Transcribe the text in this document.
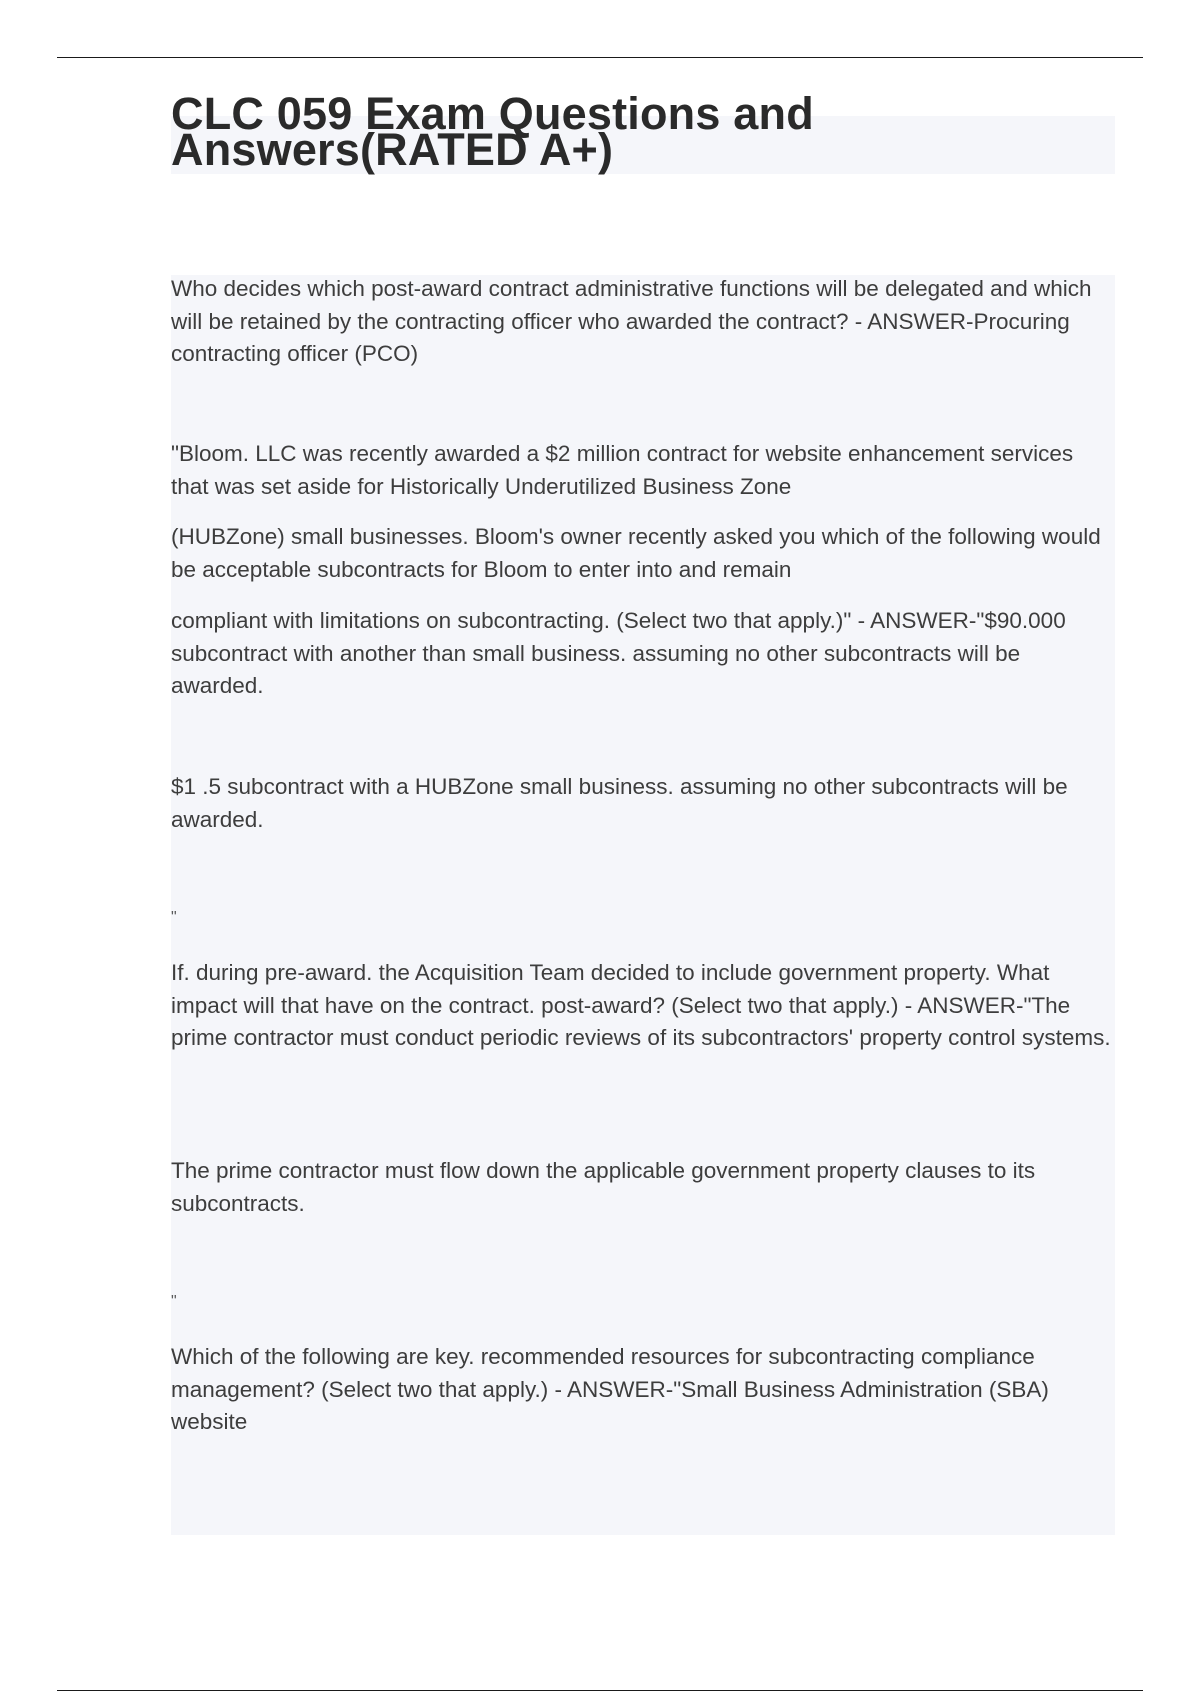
CLC 059 Exam Questions and
Answers(RATED A+)

Who decides which post-award contract administrative functions will be delegated and which will be retained by the contracting officer who awarded the contract? - ANSWER-Procuring contracting officer (PCO)

"Bloom. LLC was recently awarded a $2 million contract for website enhancement services that was set aside for Historically Underutilized Business Zone

(HUBZone) small businesses. Bloom's owner recently asked you which of the following would be acceptable subcontracts for Bloom to enter into and remain

compliant with limitations on subcontracting. (Select two that apply.)" - ANSWER-"$90.000 subcontract with another than small business. assuming no other subcontracts will be awarded.

$1 .5 subcontract with a HUBZone small business. assuming no other subcontracts will be awarded.

"

If. during pre-award. the Acquisition Team decided to include government property. What impact will that have on the contract. post-award? (Select two that apply.) - ANSWER-"The prime contractor must conduct periodic reviews of its subcontractors' property control systems.

The prime contractor must flow down the applicable government property clauses to its subcontracts.

"

Which of the following are key. recommended resources for subcontracting compliance management? (Select two that apply.) - ANSWER-"Small Business Administration (SBA) website
